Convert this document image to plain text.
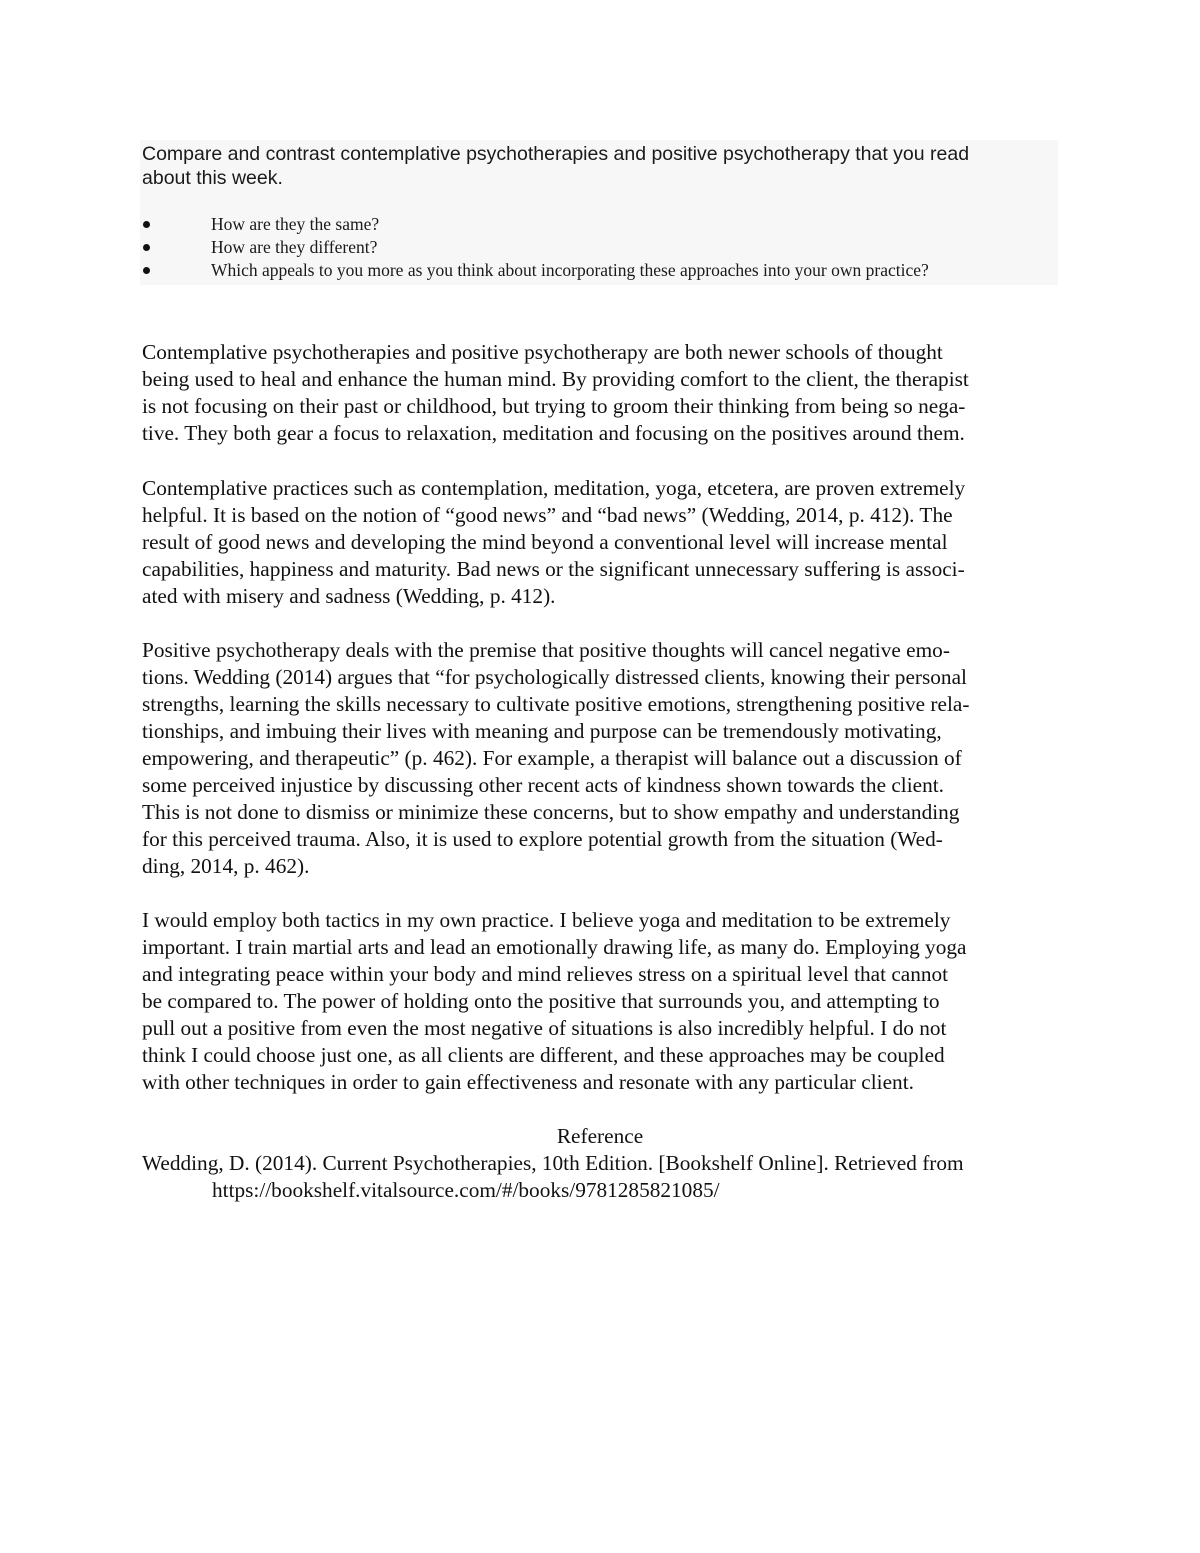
Compare and contrast contemplative psychotherapies and positive psychotherapy that you read
about this week.

How are they the same?
How are they different?
Which appeals to you more as you think about incorporating these approaches into your own practice?

Contemplative psychotherapies and positive psychotherapy are both newer schools of thought
being used to heal and enhance the human mind. By providing comfort to the client, the therapist
is not focusing on their past or childhood, but trying to groom their thinking from being so nega-
tive. They both gear a focus to relaxation, meditation and focusing on the positives around them.

Contemplative practices such as contemplation, meditation, yoga, etcetera, are proven extremely
helpful. It is based on the notion of “good news” and “bad news” (Wedding, 2014, p. 412). The
result of good news and developing the mind beyond a conventional level will increase mental
capabilities, happiness and maturity. Bad news or the significant unnecessary suffering is associ-
ated with misery and sadness (Wedding, p. 412).

Positive psychotherapy deals with the premise that positive thoughts will cancel negative emo-
tions. Wedding (2014) argues that “for psychologically distressed clients, knowing their personal
strengths, learning the skills necessary to cultivate positive emotions, strengthening positive rela-
tionships, and imbuing their lives with meaning and purpose can be tremendously motivating,
empowering, and therapeutic” (p. 462). For example, a therapist will balance out a discussion of
some perceived injustice by discussing other recent acts of kindness shown towards the client.
This is not done to dismiss or minimize these concerns, but to show empathy and understanding
for this perceived trauma. Also, it is used to explore potential growth from the situation (Wed-
ding, 2014, p. 462).

I would employ both tactics in my own practice. I believe yoga and meditation to be extremely
important. I train martial arts and lead an emotionally drawing life, as many do. Employing yoga
and integrating peace within your body and mind relieves stress on a spiritual level that cannot
be compared to. The power of holding onto the positive that surrounds you, and attempting to
pull out a positive from even the most negative of situations is also incredibly helpful. I do not
think I could choose just one, as all clients are different, and these approaches may be coupled
with other techniques in order to gain effectiveness and resonate with any particular client.

Reference

Wedding, D. (2014). Current Psychotherapies, 10th Edition. [Bookshelf Online]. Retrieved from
https://bookshelf.vitalsource.com/#/books/9781285821085/
